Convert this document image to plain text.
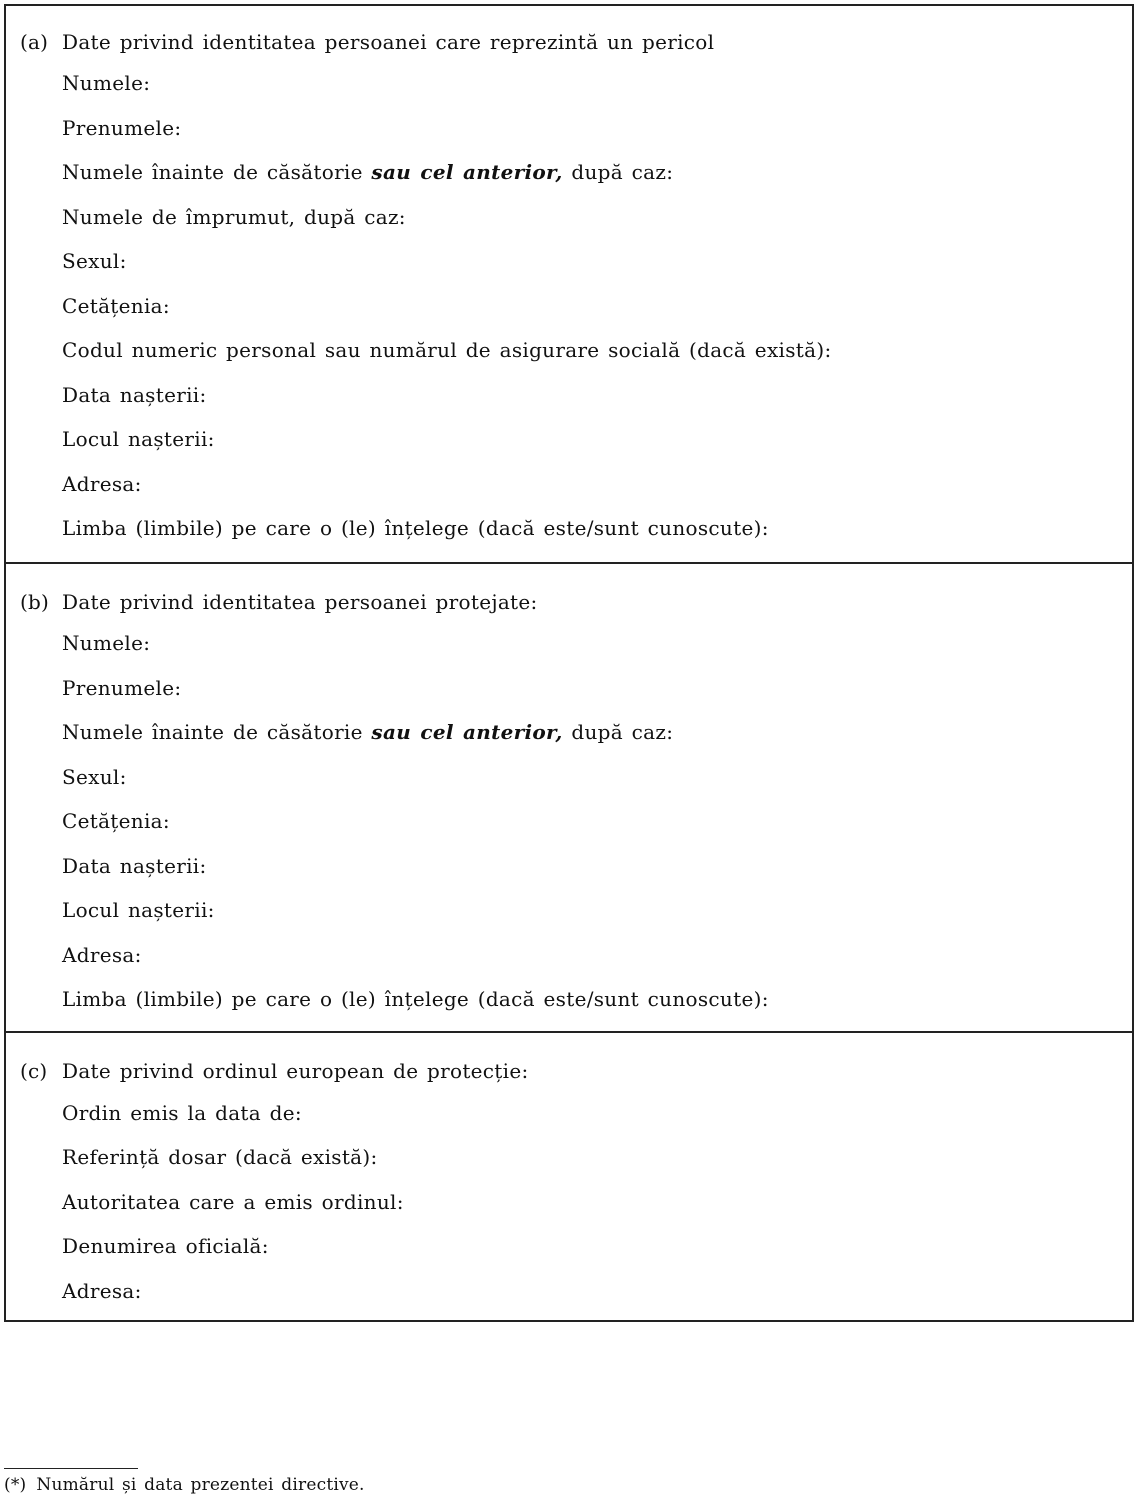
(a) Date privind identitatea persoanei care reprezintă un pericol
Numele:
Prenumele:
Numele înainte de căsătorie sau cel anterior, după caz:
Numele de împrumut, după caz:
Sexul:
Cetățenia:
Codul numeric personal sau numărul de asigurare socială (dacă există):
Data nașterii:
Locul nașterii:
Adresa:
Limba (limbile) pe care o (le) înțelege (dacă este/sunt cunoscute):
(b) Date privind identitatea persoanei protejate:
Numele:
Prenumele:
Numele înainte de căsătorie sau cel anterior, după caz:
Sexul:
Cetățenia:
Data nașterii:
Locul nașterii:
Adresa:
Limba (limbile) pe care o (le) înțelege (dacă este/sunt cunoscute):
(c) Date privind ordinul european de protecție:
Ordin emis la data de:
Referință dosar (dacă există):
Autoritatea care a emis ordinul:
Denumirea oficială:
Adresa:
(*) Numărul și data prezentei directive.
